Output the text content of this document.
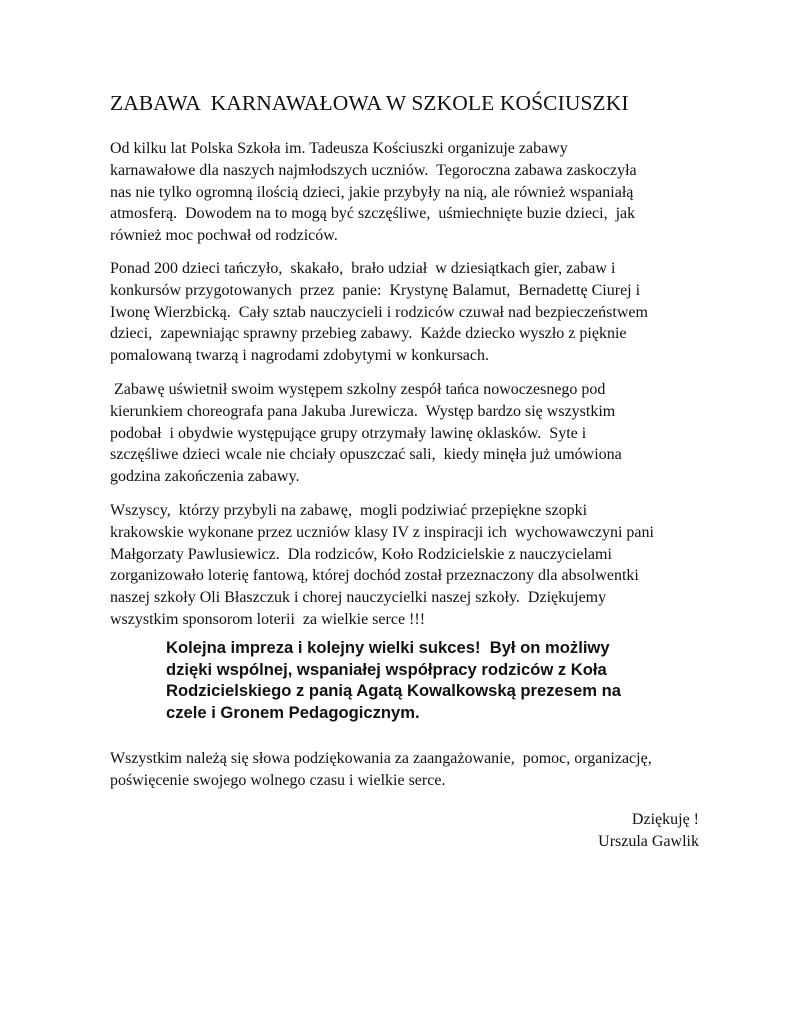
ZABAWA  KARNAWAŁOWA W SZKOLE KOŚCIUSZKI
Od kilku lat Polska Szkoła im. Tadeusza Kościuszki organizuje zabawy
karnawałowe dla naszych najmłodszych uczniów.  Tegoroczna zabawa zaskoczyła
nas nie tylko ogromną ilością dzieci, jakie przybyły na nią, ale również wspaniałą
atmosferą.  Dowodem na to mogą być szczęśliwe,  uśmiechnięte buzie dzieci,  jak
również moc pochwał od rodziców.
Ponad 200 dzieci tańczyło,  skakało,  brało udział  w dziesiątkach gier, zabaw i
konkursów przygotowanych  przez  panie:  Krystynę Balamut,  Bernadettę Ciurej i
Iwonę Wierzbicką.  Cały sztab nauczycieli i rodziców czuwał nad bezpieczeństwem
dzieci,  zapewniając sprawny przebieg zabawy.  Każde dziecko wyszło z pięknie
pomalowaną twarzą i nagrodami zdobytymi w konkursach.
Zabawę uświetnił swoim występem szkolny zespół tańca nowoczesnego pod
kierunkiem choreografa pana Jakuba Jurewicza.  Występ bardzo się wszystkim
podobał  i obydwie występujące grupy otrzymały lawinę oklasków.  Syte i
szczęśliwe dzieci wcale nie chciały opuszczać sali,  kiedy minęła już umówiona
godzina zakończenia zabawy.
Wszyscy,  którzy przybyli na zabawę,  mogli podziwiać przepiękne szopki
krakowskie wykonane przez uczniów klasy IV z inspiracji ich  wychowawczyni pani
Małgorzaty Pawlusiewicz.  Dla rodziców, Koło Rodzicielskie z nauczycielami
zorganizowało loterię fantową, której dochód został przeznaczony dla absolwentki
naszej szkoły Oli Błaszczuk i chorej nauczycielki naszej szkoły.  Dziękujemy
wszystkim sponsorom loterii  za wielkie serce !!!
Kolejna impreza i kolejny wielki sukces!  Był on możliwy
dzięki wspólnej, wspaniałej współpracy rodziców z Koła
Rodzicielskiego z panią Agatą Kowalkowską prezesem na
czele i Gronem Pedagogicznym.
Wszystkim należą się słowa podziękowania za zaangażowanie,  pomoc, organizację,
poświęcenie swojego wolnego czasu i wielkie serce.
Dziękuję !
Urszula Gawlik
